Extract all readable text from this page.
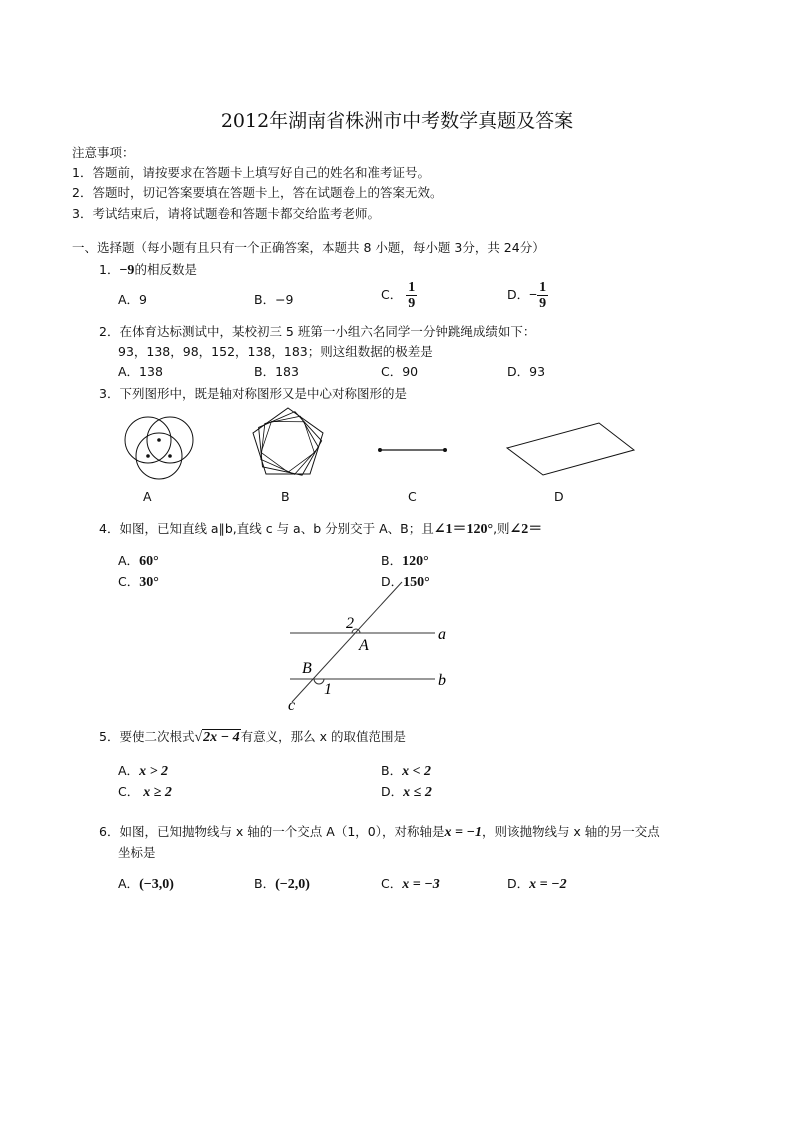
2012年湖南省株洲市中考数学真题及答案
注意事项：
1．答题前，请按要求在答题卡上填写好自己的姓名和准考证号。
2．答题时，切记答案要填在答题卡上，答在试题卷上的答案无效。
3．考试结束后，请将试题卷和答题卡都交给监考老师。
一、选择题（每小题有且只有一个正确答案，本题共 8 小题，每小题 3分，共 24分）
1．−9的相反数是
A．9	B．−9	C． $\frac{1}{9}$	D．− $\frac{1}{9}$
2．在体育达标测试中，某校初三 5 班第一小组六名同学一分钟跳绳成绩如下：
93，138，98，152，138，183；则这组数据的极差是
A．138	B．183	C．90	D．93
3．下列图形中，既是轴对称图形又是中心对称图形的是
A	B	C	D
4．如图，已知直线 a∥b,直线 c 与 a、b 分别交于 A、B；且∠1＝120°,则∠2＝
A．60°	B．120°
C．30°	D．150°
2
A
a
B
1
b
c
5．要使二次根式√2x − 4有意义，那么 x 的取值范围是
A．x > 2	B．x < 2
C． x ≥ 2	D．x ≤ 2
6．如图，已知抛物线与 x 轴的一个交点 A（1，0），对称轴是x = −1，则该抛物线与 x 轴的另一交点
坐标是
A．(−3,0)	B．(−2,0)	C．x = −3	D．x = −2
